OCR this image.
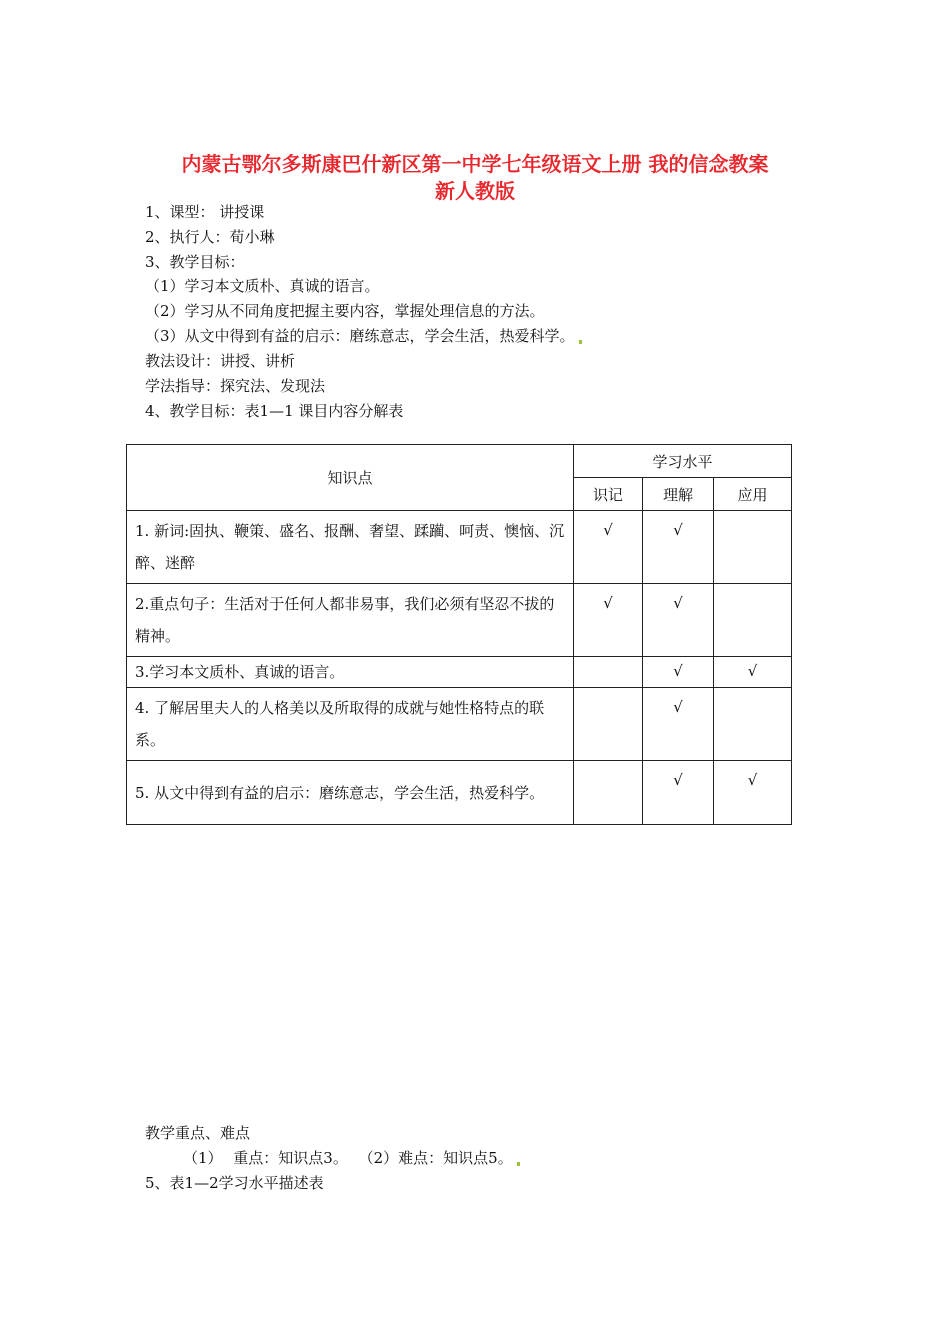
内蒙古鄂尔多斯康巴什新区第一中学七年级语文上册 我的信念教案
新人教版
1、课型： 讲授课
2、执行人：荀小琳
3、教学目标：
（1）学习本文质朴、真诚的语言。
（2）学习从不同角度把握主要内容，掌握处理信息的方法。
（3）从文中得到有益的启示：磨练意志，学会生活，热爱科学。
教法设计：讲授、讲析
学法指导：探究法、发现法
4、教学目标：表1—1 课目内容分解表
知识点	学习水平		
	识记	理解	应用
1. 新词:固执、鞭策、盛名、报酬、奢望、蹂躏、呵责、懊恼、沉醉、迷醉	√	√	
2.重点句子：生活对于任何人都非易事，我们必须有坚忍不拔的精神。	√	√	
3.学习本文质朴、真诚的语言。		√	√
4. 了解居里夫人的人格美以及所取得的成就与她性格特点的联系。		√	
5. 从文中得到有益的启示：磨练意志，学会生活，热爱科学。		√	√
教学重点、难点
（1） 重点：知识点3。 （2）难点：知识点5。
5、表1—2学习水平描述表
